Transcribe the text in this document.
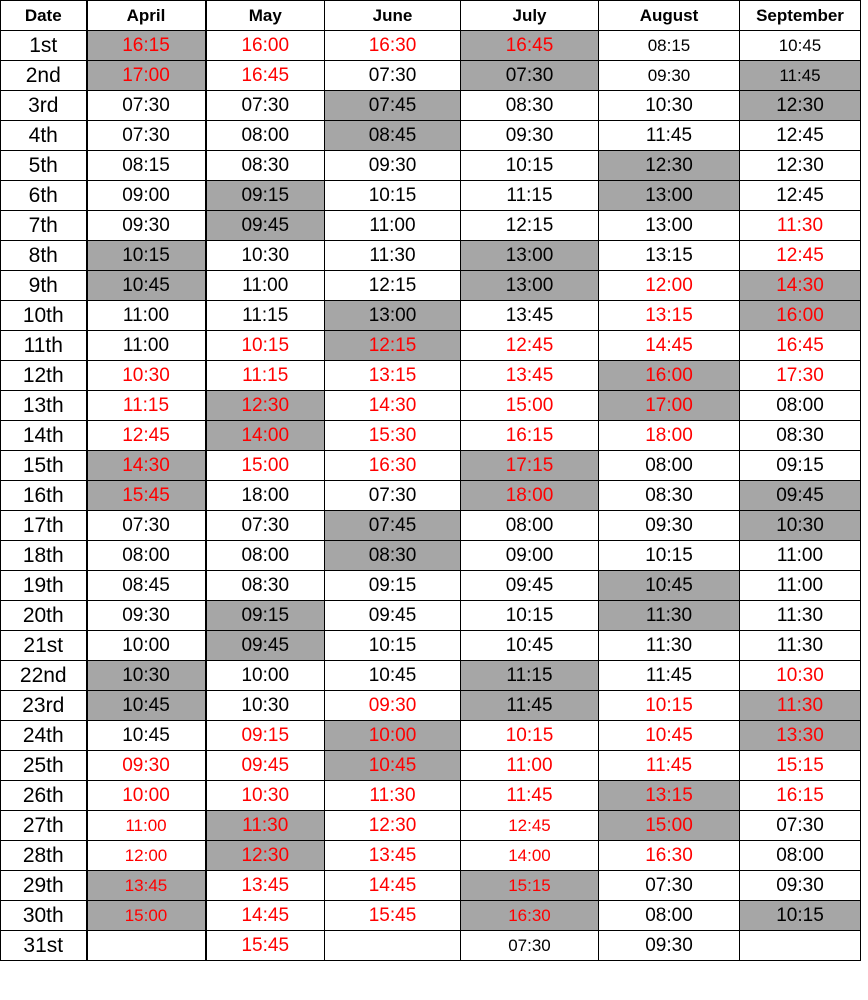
Date	April	May	June	July	August	September
1st	16:15	16:00	16:30	16:45	08:15	10:45
2nd	17:00	16:45	07:30	07:30	09:30	11:45
3rd	07:30	07:30	07:45	08:30	10:30	12:30
4th	07:30	08:00	08:45	09:30	11:45	12:45
5th	08:15	08:30	09:30	10:15	12:30	12:30
6th	09:00	09:15	10:15	11:15	13:00	12:45
7th	09:30	09:45	11:00	12:15	13:00	11:30
8th	10:15	10:30	11:30	13:00	13:15	12:45
9th	10:45	11:00	12:15	13:00	12:00	14:30
10th	11:00	11:15	13:00	13:45	13:15	16:00
11th	11:00	10:15	12:15	12:45	14:45	16:45
12th	10:30	11:15	13:15	13:45	16:00	17:30
13th	11:15	12:30	14:30	15:00	17:00	08:00
14th	12:45	14:00	15:30	16:15	18:00	08:30
15th	14:30	15:00	16:30	17:15	08:00	09:15
16th	15:45	18:00	07:30	18:00	08:30	09:45
17th	07:30	07:30	07:45	08:00	09:30	10:30
18th	08:00	08:00	08:30	09:00	10:15	11:00
19th	08:45	08:30	09:15	09:45	10:45	11:00
20th	09:30	09:15	09:45	10:15	11:30	11:30
21st	10:00	09:45	10:15	10:45	11:30	11:30
22nd	10:30	10:00	10:45	11:15	11:45	10:30
23rd	10:45	10:30	09:30	11:45	10:15	11:30
24th	10:45	09:15	10:00	10:15	10:45	13:30
25th	09:30	09:45	10:45	11:00	11:45	15:15
26th	10:00	10:30	11:30	11:45	13:15	16:15
27th	11:00	11:30	12:30	12:45	15:00	07:30
28th	12:00	12:30	13:45	14:00	16:30	08:00
29th	13:45	13:45	14:45	15:15	07:30	09:30
30th	15:00	14:45	15:45	16:30	08:00	10:15
31st		15:45		07:30	09:30	
